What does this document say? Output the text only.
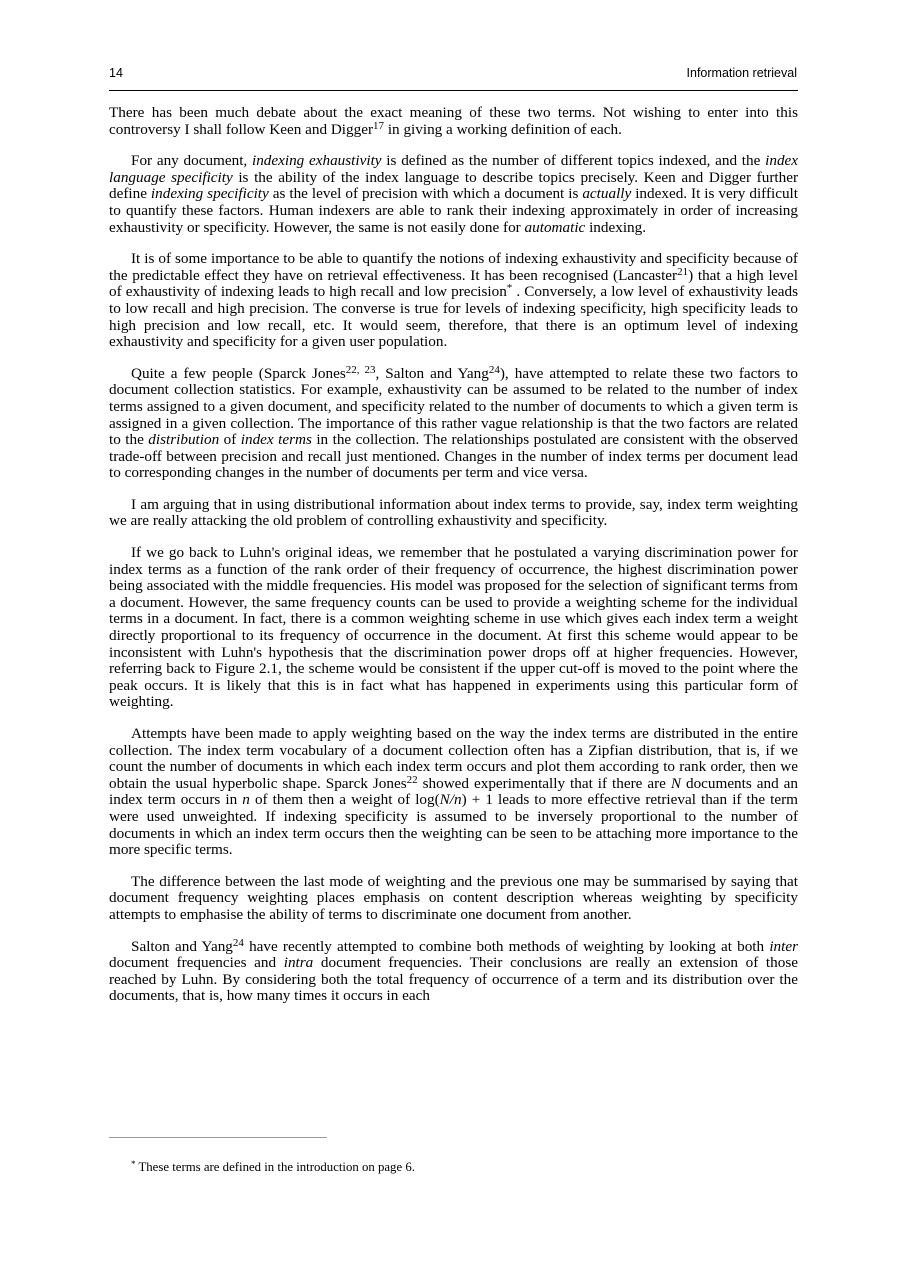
14	Information retrieval

There has been much debate about the exact meaning of these two terms. Not wishing to enter into this controversy I shall follow Keen and Digger$^{17}$ in giving a working definition of each.

For any document, indexing exhaustivity is defined as the number of different topics indexed, and the index language specificity is the ability of the index language to describe topics precisely. Keen and Digger further define indexing specificity as the level of precision with which a document is actually indexed. It is very difficult to quantify these factors. Human indexers are able to rank their indexing approximately in order of increasing exhaustivity or specificity. However, the same is not easily done for automatic indexing.

It is of some importance to be able to quantify the notions of indexing exhaustivity and specificity because of the predictable effect they have on retrieval effectiveness. It has been recognised (Lancaster$^{21}$) that a high level of exhaustivity of indexing leads to high recall and low precision* . Conversely, a low level of exhaustivity leads to low recall and high precision. The converse is true for levels of indexing specificity, high specificity leads to high precision and low recall, etc. It would seem, therefore, that there is an optimum level of indexing exhaustivity and specificity for a given user population.

Quite a few people (Sparck Jones$^{22, 23}$, Salton and Yang$^{24}$), have attempted to relate these two factors to document collection statistics. For example, exhaustivity can be assumed to be related to the number of index terms assigned to a given document, and specificity related to the number of documents to which a given term is assigned in a given collection. The importance of this rather vague relationship is that the two factors are related to the distribution of index terms in the collection. The relationships postulated are consistent with the observed trade-off between precision and recall just mentioned. Changes in the number of index terms per document lead to corresponding changes in the number of documents per term and vice versa.

I am arguing that in using distributional information about index terms to provide, say, index term weighting we are really attacking the old problem of controlling exhaustivity and specificity.

If we go back to Luhn's original ideas, we remember that he postulated a varying discrimination power for index terms as a function of the rank order of their frequency of occurrence, the highest discrimination power being associated with the middle frequencies. His model was proposed for the selection of significant terms from a document. However, the same frequency counts can be used to provide a weighting scheme for the individual terms in a document. In fact, there is a common weighting scheme in use which gives each index term a weight directly proportional to its frequency of occurrence in the document. At first this scheme would appear to be inconsistent with Luhn's hypothesis that the discrimination power drops off at higher frequencies. However, referring back to Figure 2.1, the scheme would be consistent if the upper cut-off is moved to the point where the peak occurs. It is likely that this is in fact what has happened in experiments using this particular form of weighting.

Attempts have been made to apply weighting based on the way the index terms are distributed in the entire collection. The index term vocabulary of a document collection often has a Zipfian distribution, that is, if we count the number of documents in which each index term occurs and plot them according to rank order, then we obtain the usual hyperbolic shape. Sparck Jones$^{22}$ showed experimentally that if there are N documents and an index term occurs in n of them then a weight of log(N/n) + 1 leads to more effective retrieval than if the term were used unweighted. If indexing specificity is assumed to be inversely proportional to the number of documents in which an index term occurs then the weighting can be seen to be attaching more importance to the more specific terms.

The difference between the last mode of weighting and the previous one may be summarised by saying that document frequency weighting places emphasis on content description whereas weighting by specificity attempts to emphasise the ability of terms to discriminate one document from another.

Salton and Yang$^{24}$ have recently attempted to combine both methods of weighting by looking at both inter document frequencies and intra document frequencies. Their conclusions are really an extension of those reached by Luhn. By considering both the total frequency of occurrence of a term and its distribution over the documents, that is, how many times it occurs in each

* These terms are defined in the introduction on page 6.
